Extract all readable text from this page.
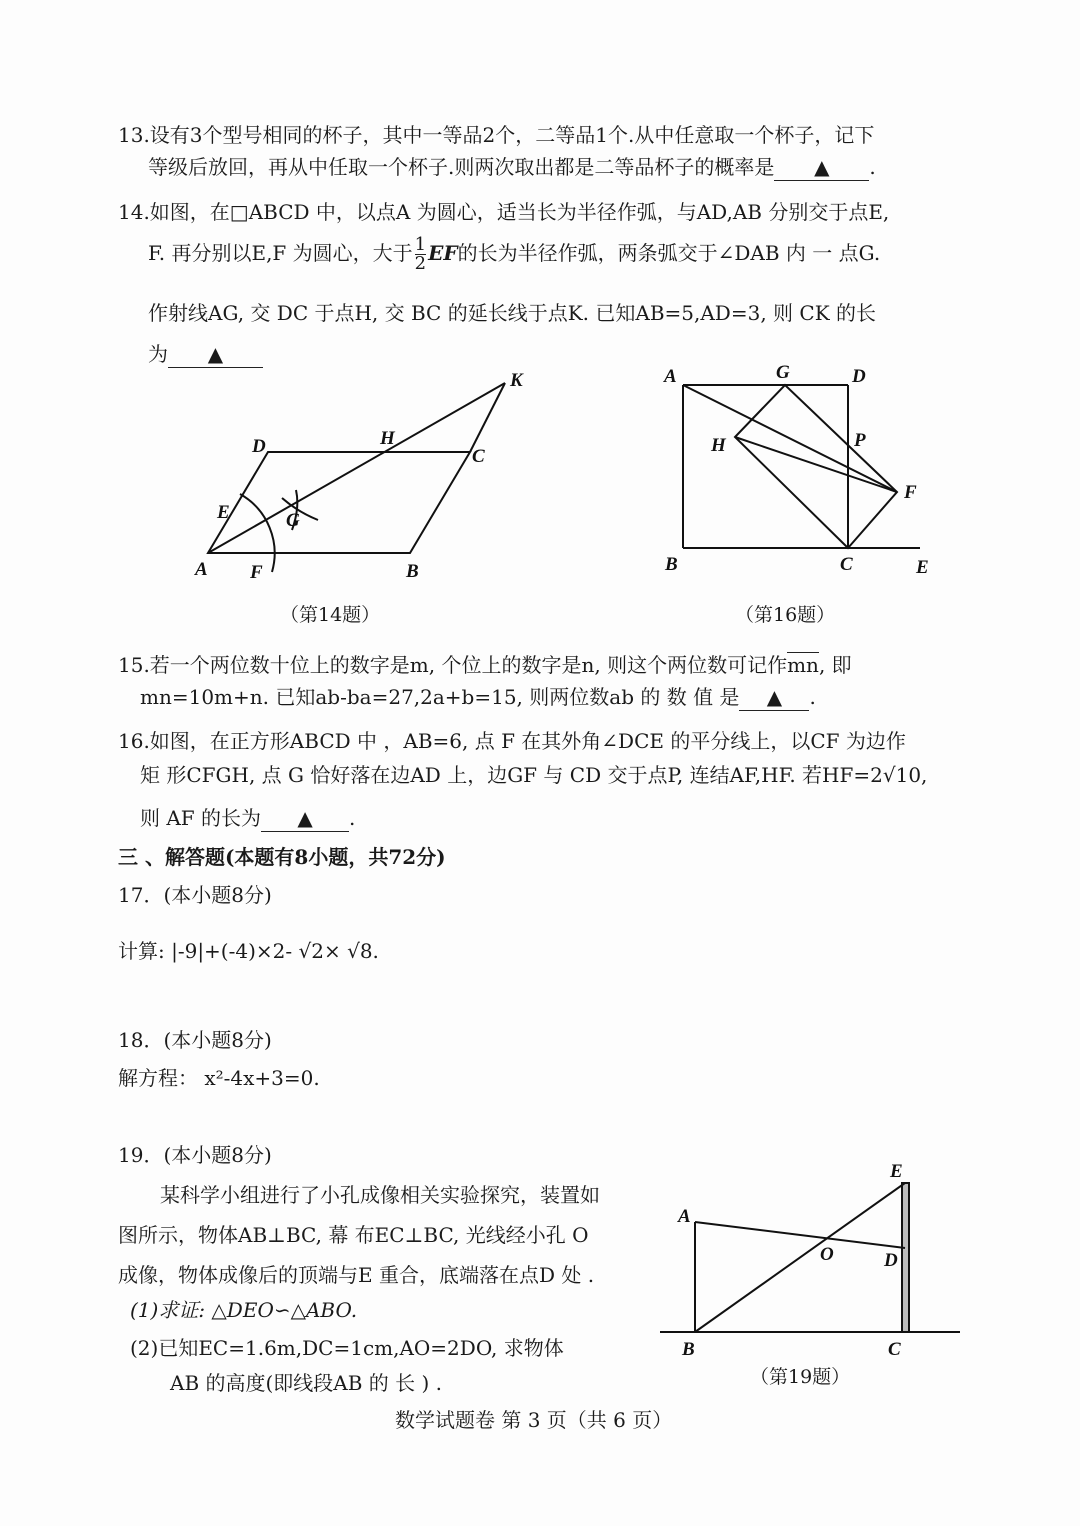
13.设有3个型号相同的杯子，其中一等品2个，二等品1个.从中任意取一个杯子，记下
等级后放回，再从中任取一个杯子.则两次取出都是二等品杯子的概率是 ▲ .
14.如图，在□ABCD 中，以点A 为圆心，适当长为半径作弧，与AD,AB 分别交于点E,
F. 再分别以E,F 为圆心，大于 $\frac{1}{2}$ EF的长为半径作弧，两条弧交于∠DAB 内 一 点G.
作射线AG, 交 DC 于点H, 交 BC 的延长线于点K. 已知AB=5,AD=3, 则 CK 的长
为 ▲
A	B
C
D
E
F
G
H
K	A	G	D
H	P
F
B	C	E
A
B	C
D
E
O
（第14题）	（第16题）
15.若一个两位数十位上的数字是m, 个位上的数字是n, 则这个两位数可记作mn, 即
mn=10m+n. 已知ab-ba=27,2a+b=15, 则两位数ab 的 数 值 是 ▲ .
16.如图，在正方形ABCD 中 ，AB=6, 点 F 在其外角∠DCE 的平分线上，以CF 为边作
矩 形CFGH, 点 G 恰好落在边AD 上，边GF 与 CD 交于点P, 连结AF,HF. 若HF=2√10,
则 AF 的长为 ▲ .
三 、解答题(本题有8小题，共72分)
17．(本小题8分)
计算: |-9|+(-4)×2- √2× √8.
18．(本小题8分)
解方程： x²-4x+3=0.
19．(本小题8分)
某科学小组进行了小孔成像相关实验探究，装置如
图所示，物体AB⊥BC, 幕 布EC⊥BC, 光线经小孔 O
成像，物体成像后的顶端与E 重合，底端落在点D 处 .
(1)求证: △DEO∽△ABO.
(2)已知EC=1.6m,DC=1cm,AO=2DO, 求物体
AB 的高度(即线段AB 的 长 ) .	（第19题）
数学试题卷 第 3 页（共 6 页）
